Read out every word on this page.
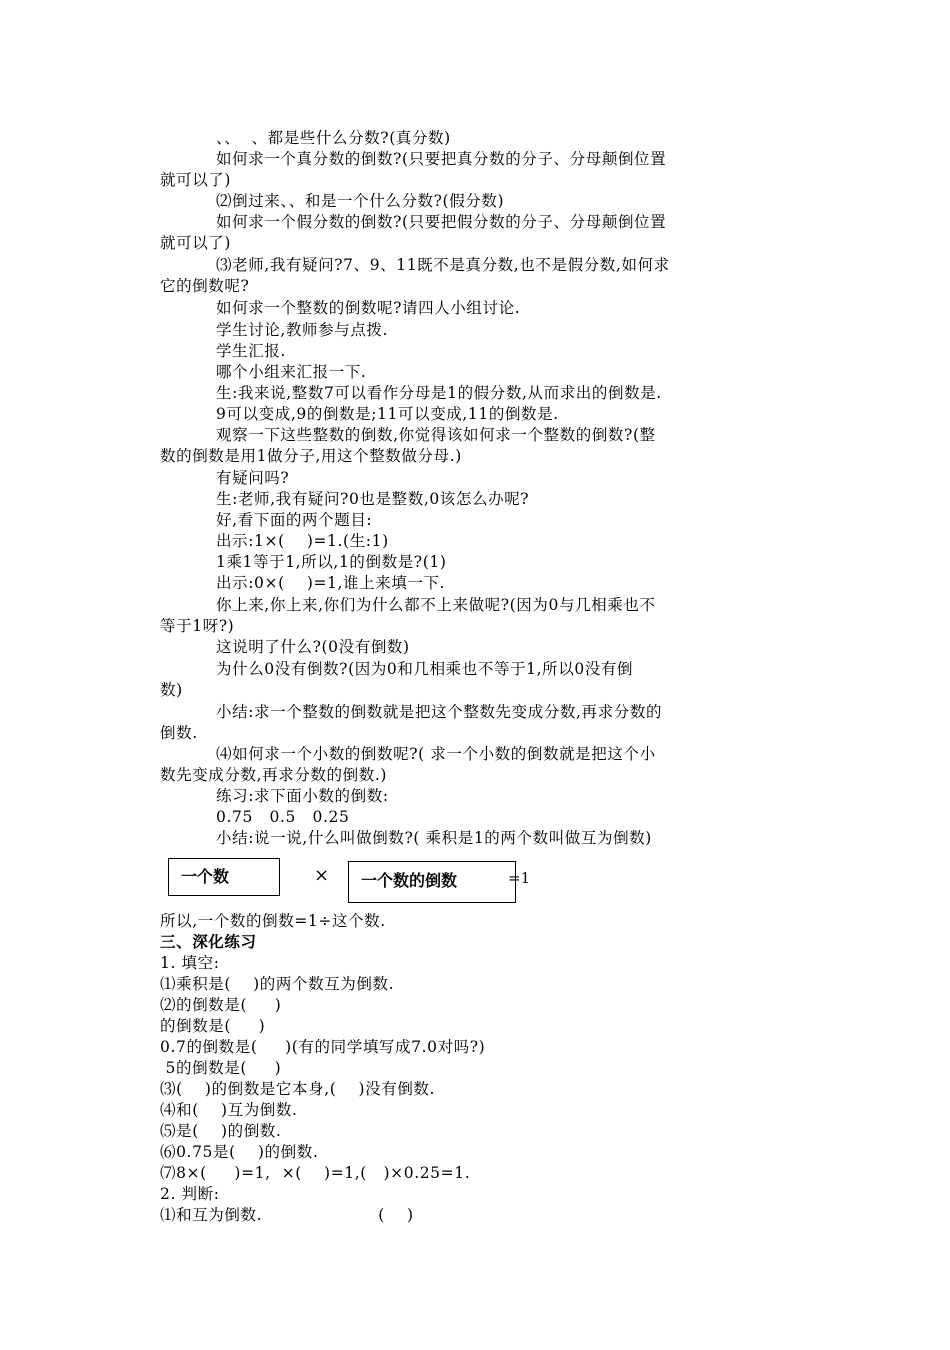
、、  、都是些什么分数?(真分数)
如何求一个真分数的倒数?(只要把真分数的分子、分母颠倒位置
就可以了)
⑵倒过来、、和是一个什么分数?(假分数)
如何求一个假分数的倒数?(只要把假分数的分子、分母颠倒位置
就可以了)
⑶老师,我有疑问?7、9、11既不是真分数,也不是假分数,如何求
它的倒数呢?
如何求一个整数的倒数呢?请四人小组讨论.
学生讨论,教师参与点拨.
学生汇报.
哪个小组来汇报一下.
生:我来说,整数7可以看作分母是1的假分数,从而求出的倒数是.
9可以变成,9的倒数是;11可以变成,11的倒数是.
观察一下这些整数的倒数,你觉得该如何求一个整数的倒数?(整
数的倒数是用1做分子,用这个整数做分母.)
有疑问吗?
生:老师,我有疑问?0也是整数,0该怎么办呢?
好,看下面的两个题目:
出示:1×(    )=1.(生:1)
1乘1等于1,所以,1的倒数是?(1)
出示:0×(    )=1,谁上来填一下.
你上来,你上来,你们为什么都不上来做呢?(因为0与几相乘也不
等于1呀?)
这说明了什么?(0没有倒数)
为什么0没有倒数?(因为0和几相乘也不等于1,所以0没有倒
数)
小结:求一个整数的倒数就是把这个整数先变成分数,再求分数的
倒数.
⑷如何求一个小数的倒数呢?( 求一个小数的倒数就是把这个小
数先变成分数,再求分数的倒数.)
练习:求下面小数的倒数:
0.75   0.5   0.25
小结:说一说,什么叫做倒数?( 乘积是1的两个数叫做互为倒数)

一个数

	×

一个数的倒数

	=1
所以,一个数的倒数=1÷这个数.
三、深化练习
1. 填空:
⑴乘积是(    )的两个数互为倒数.
⑵的倒数是(     )
的倒数是(     )
0.7的倒数是(     )(有的同学填写成7.0对吗?)
5的倒数是(     )
⑶(    )的倒数是它本身,(    )没有倒数.
⑷和(    )互为倒数.
⑸是(    )的倒数.
⑹0.75是(    )的倒数.
⑺8×(     )=1,  ×(    )=1,(   )×0.25=1.
2. 判断:
⑴和互为倒数.                     (    )
